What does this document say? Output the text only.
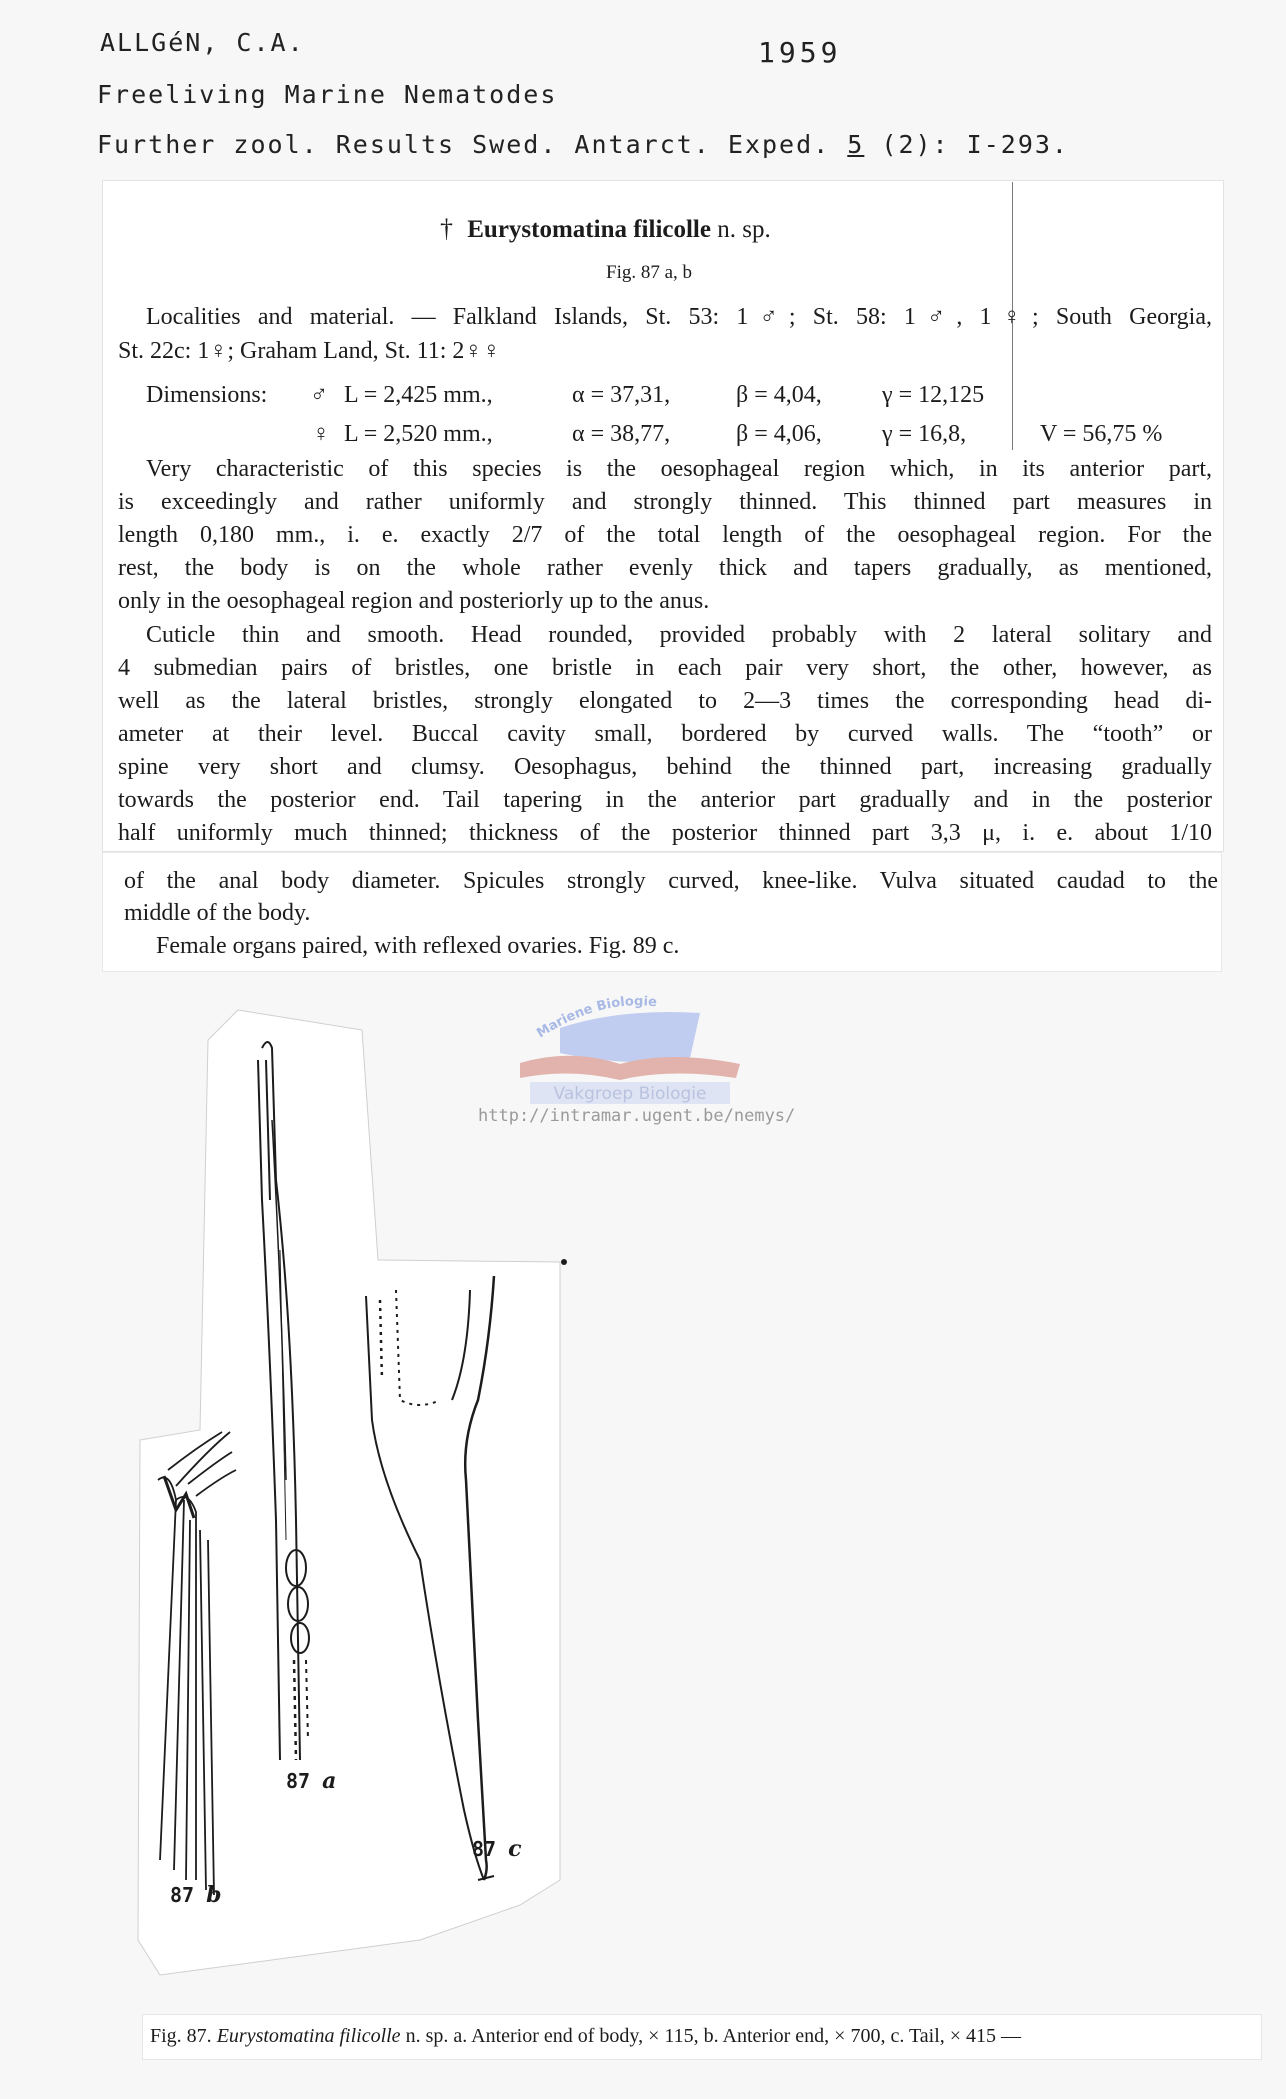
ALLGéN, C.A.	1959
Freeliving Marine Nematodes
Further zool. Results Swed. Antarct. Exped. 5 (2): I-293.
† Eurystomatina filicolle n. sp.
Fig. 87 a, b
Localities and material. — Falkland Islands, St. 53: 1♂; St. 58: 1♂, 1♀; South Georgia,
St. 22c: 1♀; Graham Land, St. 11: 2♀♀
Dimensions: ♂ L = 2,425 mm.,	α = 37,31,	β = 4,04,	γ = 12,125
♀ L = 2,520 mm.,	α = 38,77,	β = 4,06,	γ = 16,8,	V = 56,75 %
Very characteristic of this species is the oesophageal region which, in its anterior part,
is exceedingly and rather uniformly and strongly thinned. This thinned part measures in
length 0,180 mm., i. e. exactly 2/7 of the total length of the oesophageal region. For the
rest, the body is on the whole rather evenly thick and tapers gradually, as mentioned,
only in the oesophageal region and posteriorly up to the anus.
Cuticle thin and smooth. Head rounded, provided probably with 2 lateral solitary and
4 submedian pairs of bristles, one bristle in each pair very short, the other, however, as
well as the lateral bristles, strongly elongated to 2—3 times the corresponding head di-
ameter at their level. Buccal cavity small, bordered by curved walls. The “tooth” or
spine very short and clumsy. Oesophagus, behind the thinned part, increasing gradually
towards the posterior end. Tail tapering in the anterior part gradually and in the posterior
half uniformly much thinned; thickness of the posterior thinned part 3,3 μ, i. e. about 1/10
of the anal body diameter. Spicules strongly curved, knee-like. Vulva situated caudad to the
middle of the body.
Female organs paired, with reflexed ovaries. Fig. 89 c.
Mariene Biologie
Vakgroep Biologie
http://intramar.ugent.be/nemys/
87 a
87 b
87 c
Fig. 87. Eurystomatina filicolle n. sp. a. Anterior end of body, × 115, b. Anterior end, × 700, c. Tail, × 415 —
